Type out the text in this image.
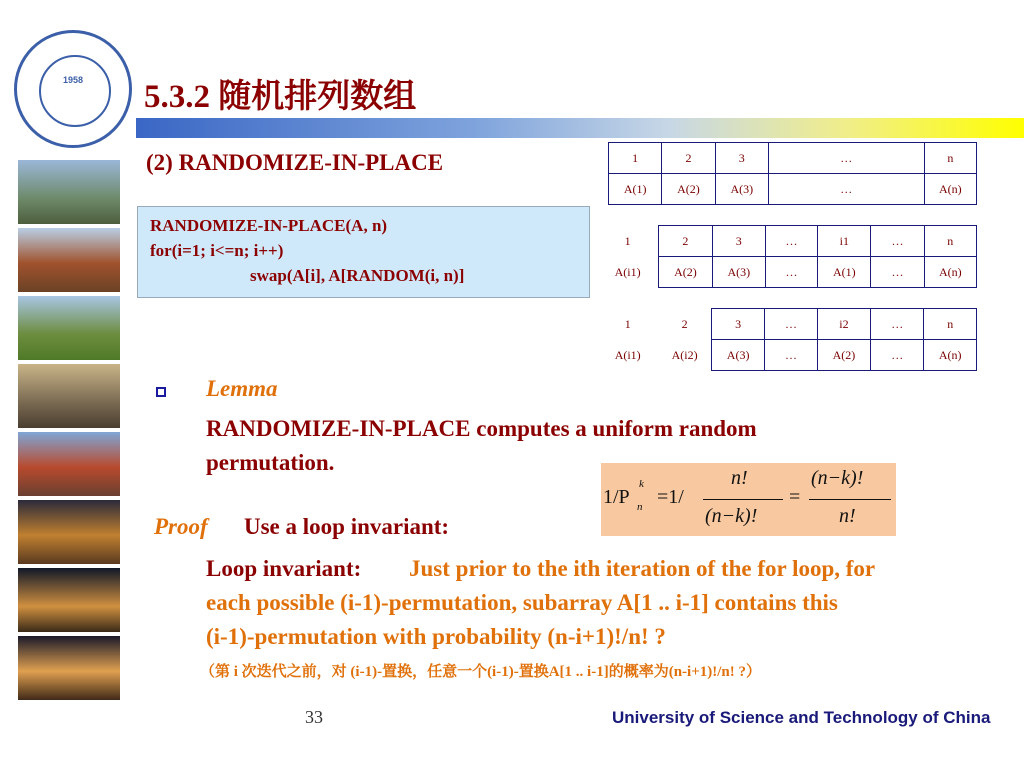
1958	5.3.2 随机排列数组
(2) RANDOMIZE-IN-PLACE
RANDOMIZE-IN-PLACE(A, n)
for(i=1; i<=n; i++)
swap(A[i], A[RANDOM(i, n)]
1	2	3	…	n
A(1)	A(2)	A(3)	…	A(n)
1	2	3	…	i1	…	n
A(i1)	A(2)	A(3)	…	A(1)	…	A(n)
1	2	3	…	i2	…	n
A(i1)	A(i2)	A(3)	…	A(2)	…	A(n)
Lemma
RANDOMIZE-IN-PLACE computes a uniform random
permutation.
1/P
k
n =1/
n!
(n−k)!
=
(n−k)!
n!
Proof Use a loop invariant:
Loop invariant: Just prior to the ith iteration of the for loop, for
each possible (i-1)-permutation, subarray A[1 .. i-1] contains this
(i-1)-permutation with probability (n-i+1)!/n! ?
（第 i 次迭代之前，对 (i-1)-置换，任意一个(i-1)-置换A[1 .. i-1]的概率为(n-i+1)!/n! ?）
33	University of Science and Technology of China
